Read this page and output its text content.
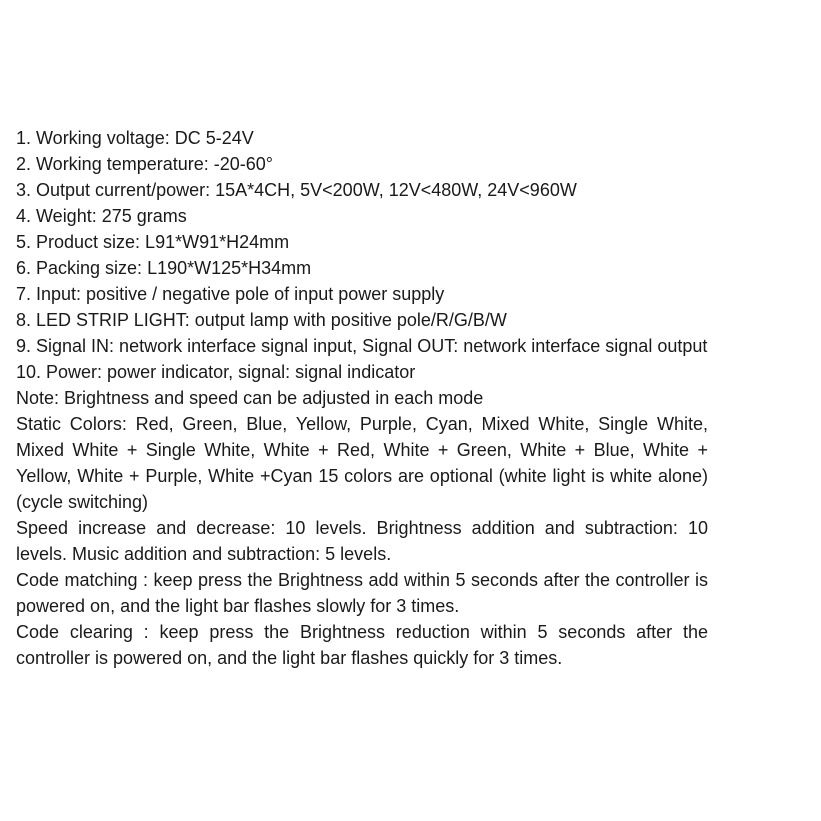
1. Working voltage: DC 5-24V
2. Working temperature: -20-60°
3. Output current/power: 15A*4CH, 5V<200W, 12V<480W, 24V<960W
4. Weight: 275 grams
5. Product size: L91*W91*H24mm
6. Packing size: L190*W125*H34mm
7. Input: positive / negative pole of input power supply
8. LED STRIP LIGHT: output lamp with positive pole/R/G/B/W
9. Signal IN: network interface signal input, Signal OUT: network interface signal output
10. Power: power indicator, signal: signal indicator
Note: Brightness and speed can be adjusted in each mode
Static Colors: Red, Green, Blue, Yellow, Purple, Cyan, Mixed White, Single White, Mixed White + Single White, White + Red, White + Green, White + Blue, White + Yellow, White + Purple, White +Cyan 15 colors are optional (white light is white alone) (cycle switching)
Speed increase and decrease: 10 levels. Brightness addition and subtraction: 10 levels. Music addition and subtraction: 5 levels.
Code matching : keep press the Brightness add within 5 seconds after the controller is powered on, and the light bar flashes slowly for 3 times.
Code clearing : keep press the Brightness reduction within 5 seconds after the controller is powered on, and the light bar flashes quickly for 3 times.
